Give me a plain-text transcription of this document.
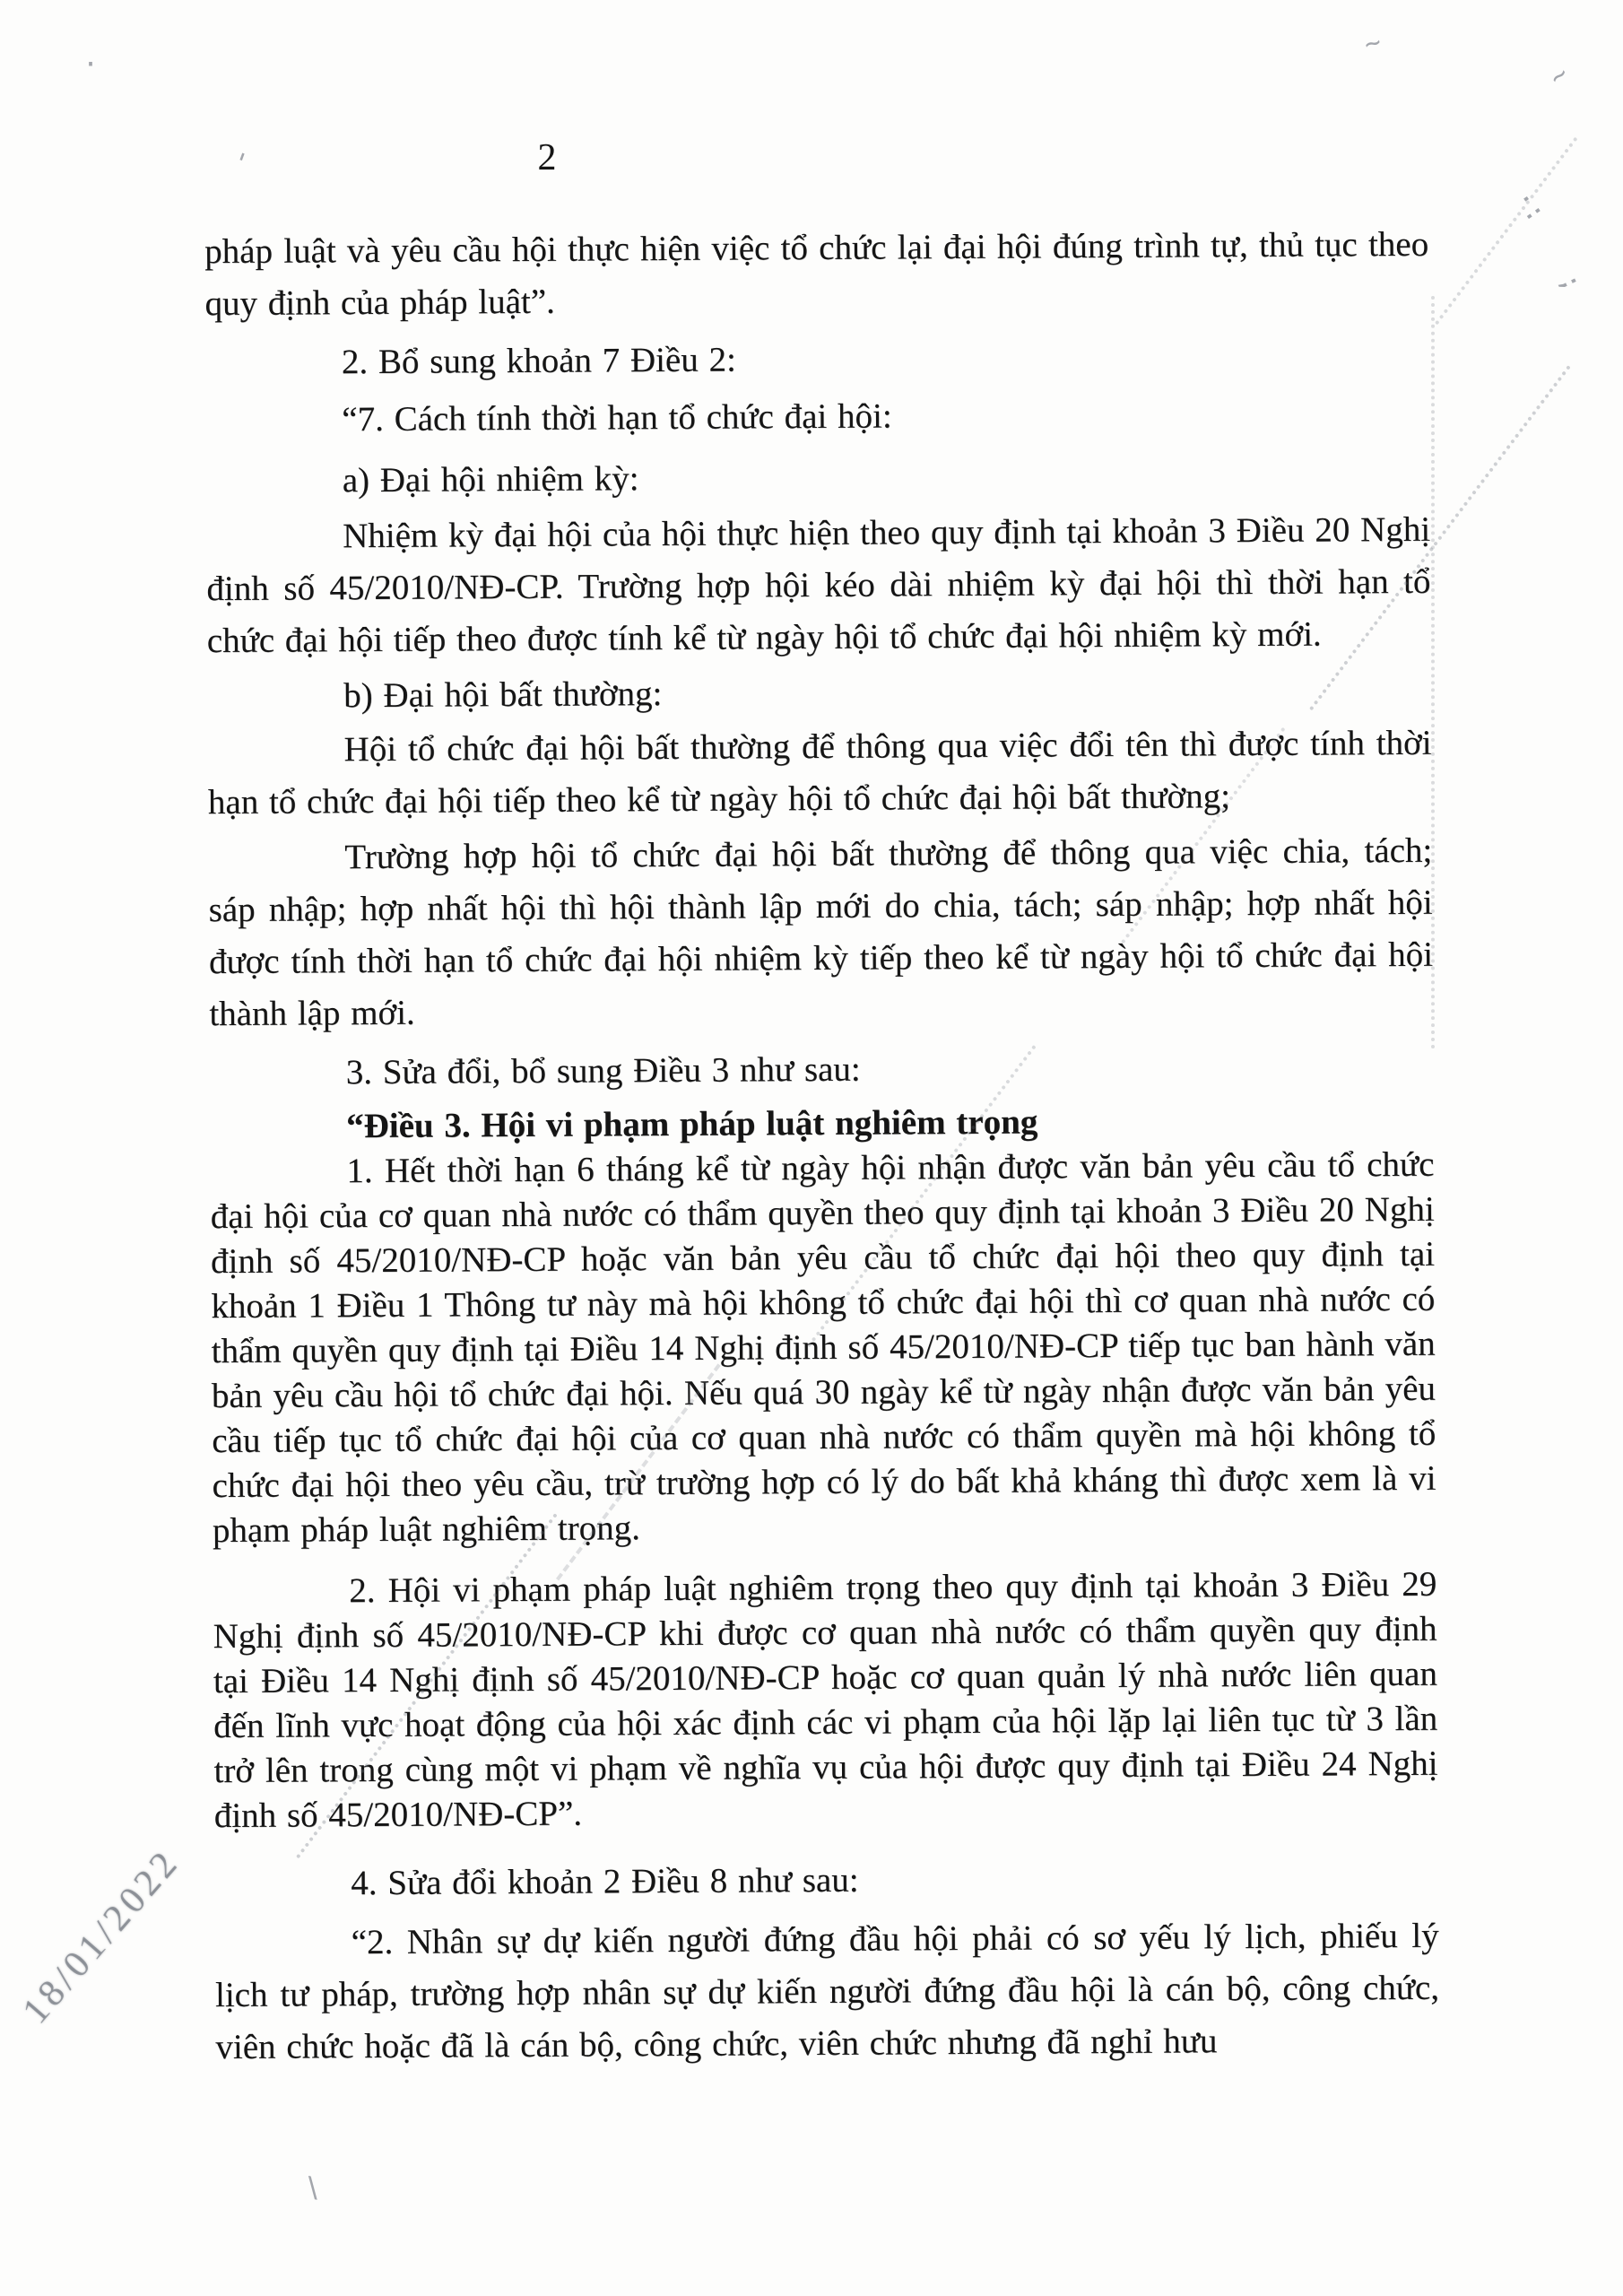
2
pháp luật và yêu cầu hội thực hiện việc tổ chức lại đại hội đúng trình tự, thủ tục theo quy định của pháp luật”.
2. Bổ sung khoản 7 Điều 2:
“7. Cách tính thời hạn tổ chức đại hội:
a) Đại hội nhiệm kỳ:
Nhiệm kỳ đại hội của hội thực hiện theo quy định tại khoản 3 Điều 20 Nghị định số 45/2010/NĐ-CP. Trường hợp hội kéo dài nhiệm kỳ đại hội thì thời hạn tổ chức đại hội tiếp theo được tính kể từ ngày hội tổ chức đại hội nhiệm kỳ mới.
b) Đại hội bất thường:
Hội tổ chức đại hội bất thường để thông qua việc đổi tên thì được tính thời hạn tổ chức đại hội tiếp theo kể từ ngày hội tổ chức đại hội bất thường;
Trường hợp hội tổ chức đại hội bất thường để thông qua việc chia, tách; sáp nhập; hợp nhất hội thì hội thành lập mới do chia, tách; sáp nhập; hợp nhất hội được tính thời hạn tổ chức đại hội nhiệm kỳ tiếp theo kể từ ngày hội tổ chức đại hội thành lập mới.
3. Sửa đổi, bổ sung Điều 3 như sau:
“Điều 3. Hội vi phạm pháp luật nghiêm trọng
1. Hết thời hạn 6 tháng kể từ ngày hội nhận được văn bản yêu cầu tổ chức đại hội của cơ quan nhà nước có thẩm quyền theo quy định tại khoản 3 Điều 20 Nghị định số 45/2010/NĐ-CP hoặc văn bản yêu cầu tổ chức đại hội theo quy định tại khoản 1 Điều 1 Thông tư này mà hội không tổ chức đại hội thì cơ quan nhà nước có thẩm quyền quy định tại Điều 14 Nghị định số 45/2010/NĐ-CP tiếp tục ban hành văn bản yêu cầu hội tổ chức đại hội. Nếu quá 30 ngày kể từ ngày nhận được văn bản yêu cầu tiếp tục tổ chức đại hội của cơ quan nhà nước có thẩm quyền mà hội không tổ chức đại hội theo yêu cầu, trừ trường hợp có lý do bất khả kháng thì được xem là vi phạm pháp luật nghiêm trọng.
2. Hội vi phạm pháp luật nghiêm trọng theo quy định tại khoản 3 Điều 29 Nghị định số 45/2010/NĐ-CP khi được cơ quan nhà nước có thẩm quyền quy định tại Điều 14 Nghị định số 45/2010/NĐ-CP hoặc cơ quan quản lý nhà nước liên quan đến lĩnh vực hoạt động của hội xác định các vi phạm của hội lặp lại liên tục từ 3 lần trở lên trong cùng một vi phạm về nghĩa vụ của hội được quy định tại Điều 24 Nghị định số 45/2010/NĐ-CP”.
4. Sửa đổi khoản 2 Điều 8 như sau:
“2. Nhân sự dự kiến người đứng đầu hội phải có sơ yếu lý lịch, phiếu lý lịch tư pháp, trường hợp nhân sự dự kiến người đứng đầu hội là cán bộ, công chức, viên chức hoặc đã là cán bộ, công chức, viên chức nhưng đã nghỉ hưu
18/01/2022
'
~
~
·:
;
\
·
